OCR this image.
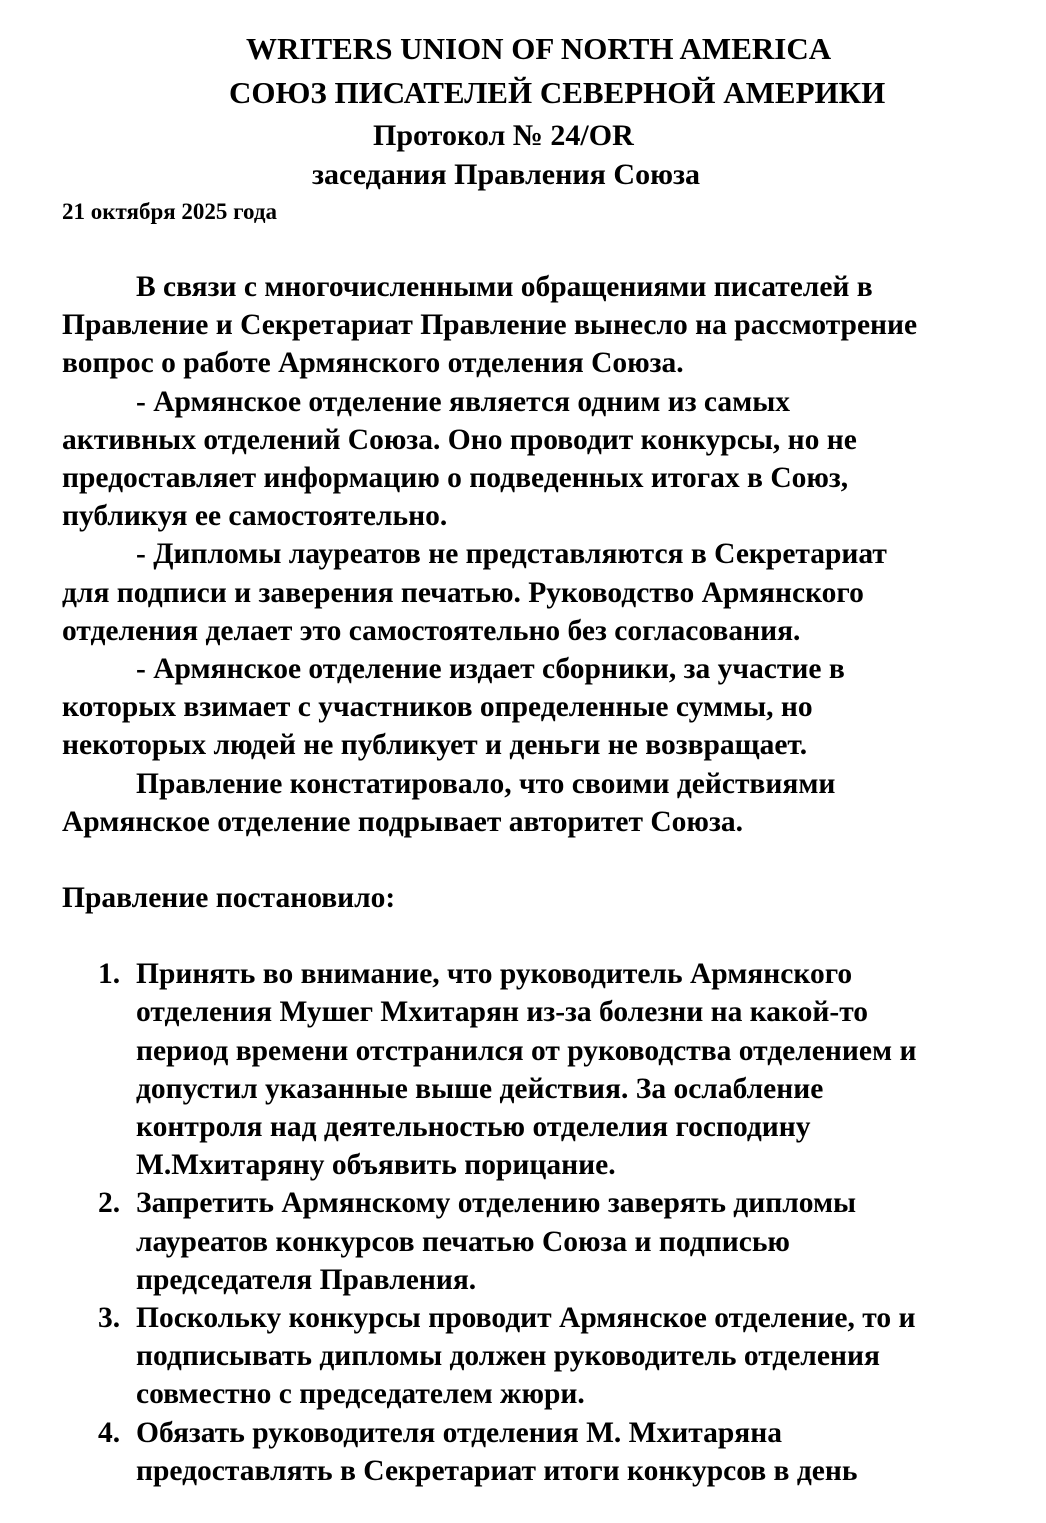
WRITERS UNION OF NORTH AMERICA
СОЮЗ ПИСАТЕЛЕЙ СЕВЕРНОЙ АМЕРИКИ
Протокол № 24/OR
заседания Правления Союза
21 октября 2025 года
В связи с многочисленными обращениями писателей в
Правление и Секретариат Правление вынесло на рассмотрение
вопрос о работе Армянского отделения Союза.
- Армянское отделение является одним из самых
активных отделений Союза. Оно проводит конкурсы, но не
предоставляет информацию о подведенных итогах в Союз,
публикуя ее самостоятельно.
- Дипломы лауреатов не представляются в Секретариат
для подписи и заверения печатью. Руководство Армянского
отделения делает это самостоятельно без согласования.
- Армянское отделение издает сборники, за участие в
которых взимает с участников определенные суммы, но
некоторых людей не публикует и деньги не возвращает.
Правление констатировало, что своими действиями
Армянское отделение подрывает авторитет Союза.
Правление постановило:
1. Принять во внимание, что руководитель Армянского
отделения Мушег Мхитарян из-за болезни на какой-то
период времени отстранился от руководства отделением и
допустил указанные выше действия. За ослабление
контроля над деятельностью отделелия господину
М.Мхитаряну объявить порицание.
2. Запретить Армянскому отделению заверять дипломы
лауреатов конкурсов печатью Союза и подписью
председателя Правления.
3. Поскольку конкурсы проводит Армянское отделение, то и
подписывать дипломы должен руководитель отделения
совместно с председателем жюри.
4. Обязать руководителя отделения М. Мхитаряна
предоставлять в Секретариат итоги конкурсов в день
